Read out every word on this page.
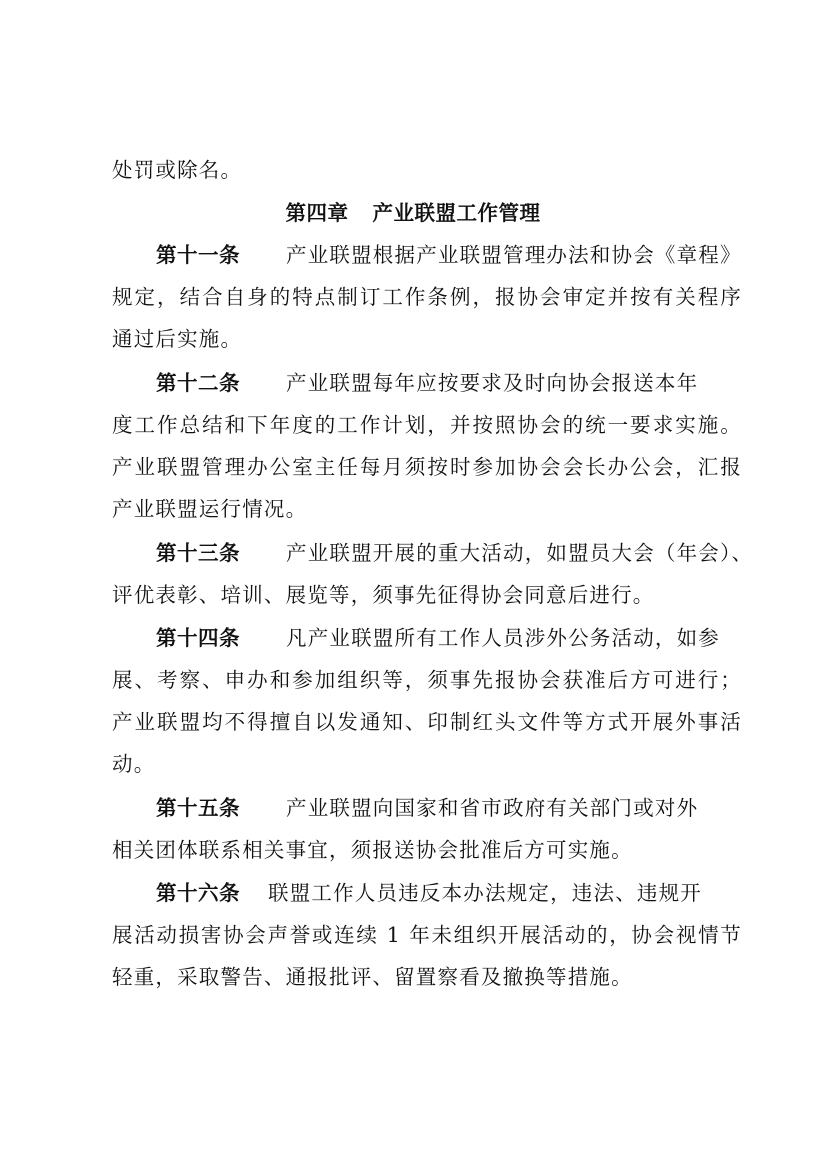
处罚或除名。
第四章 产业联盟工作管理
第十一条 产业联盟根据产业联盟管理办法和协会《章程》
规定，结合自身的特点制订工作条例，报协会审定并按有关程序
通过后实施。
第十二条 产业联盟每年应按要求及时向协会报送本年
度工作总结和下年度的工作计划，并按照协会的统一要求实施。
产业联盟管理办公室主任每月须按时参加协会会长办公会，汇报
产业联盟运行情况。
第十三条 产业联盟开展的重大活动，如盟员大会（年会）、
评优表彰、培训、展览等，须事先征得协会同意后进行。
第十四条 凡产业联盟所有工作人员涉外公务活动，如参
展、考察、申办和参加组织等，须事先报协会获准后方可进行；
产业联盟均不得擅自以发通知、印制红头文件等方式开展外事活
动。
第十五条 产业联盟向国家和省市政府有关部门或对外
相关团体联系相关事宜，须报送协会批准后方可实施。
第十六条 联盟工作人员违反本办法规定，违法、违规开
展活动损害协会声誉或连续 1 年未组织开展活动的，协会视情节
轻重，采取警告、通报批评、留置察看及撤换等措施。
